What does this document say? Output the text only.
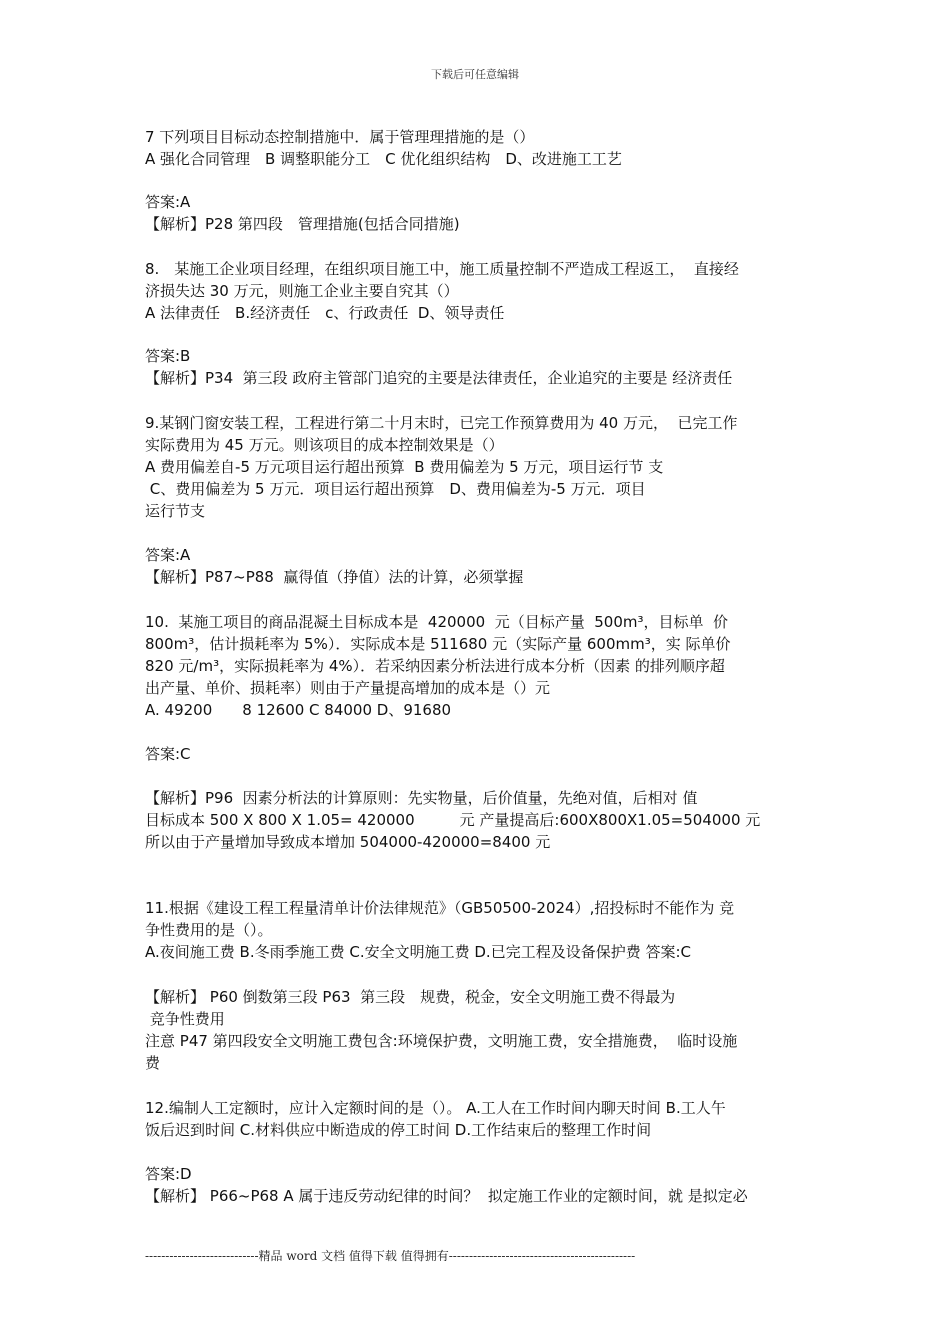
下载后可任意编辑
7 下列项目目标动态控制措施中．属于管理理措施的是（）
A 强化合同管理　B 调整职能分工　C 优化组织结构　D、改进施工工艺
答案:A
【解析】P28 第四段　管理措施(包括合同措施)
8.　某施工企业项目经理，在组织项目施工中，施工质量控制不严造成工程返工，  直接经
济损失达 30 万元，则施工企业主要自究其（）
A 法律责任　B.经济责任　c、行政责任  D、领导责任
答案:B
【解析】P34  第三段 政府主管部门追究的主要是法律责任，企业追究的主要是 经济责任
9.某钢门窗安装工程，工程进行第二十月末时，已完工作预算费用为 40 万元，  已完工作
实际费用为 45 万元。则该项目的成本控制效果是（）
A 费用偏差自-5 万元项目运行超出预算  B 费用偏差为 5 万元，项目运行节 支
C、费用偏差为 5 万元．项目运行超出预算　D、费用偏差为-5 万元．项目
运行节支
答案:A
【解析】P87~P88  赢得值（挣值）法的计算，必须掌握
10.  某施工项目的商品混凝土目标成本是  420000  元（目标产量  500m³，目标单  价
800m³，估计损耗率为 5%）．实际成本是 511680 元（实际产量 600mm³，实 际单价
820 元/m³，实际损耗率为 4%）．若采纳因素分析法进行成本分析（因素 的排列顺序超
出产量、单价、损耗率）则由于产量提高增加的成本是（）元
A. 49200　　8 12600 C 84000 D、91680
答案:C
【解析】P96  因素分析法的计算原则：先实物量，后价值量，先绝对值，后相对 值
目标成本 500 X 800 X 1.05= 420000　　　元 产量提高后:600X800X1.05=504000 元
所以由于产量增加导致成本增加 504000-420000=8400 元
11.根据《建设工程工程量清单计价法律规范》（GB50500-2024）,招投标时不能作为 竞
争性费用的是（）。
A.夜间施工费 B.冬雨季施工费 C.安全文明施工费 D.已完工程及设备保护费 答案:C
【解析】 P60 倒数第三段 P63  第三段　规费，税金，安全文明施工费不得最为
竞争性费用
注意 P47 第四段安全文明施工费包含:环境保护费，文明施工费，安全措施费，  临时设施
费
12.编制人工定额时，应计入定额时间的是（）。 A.工人在工作时间内聊天时间 B.工人午
饭后迟到时间 C.材料供应中断造成的停工时间 D.工作结束后的整理工作时间
答案:D
【解析】 P66~P68 A 属于违反劳动纪律的时间？  拟定施工作业的定额时间，就 是拟定必
----------------------------精品 word 文档 值得下载 值得拥有----------------------------------------------
